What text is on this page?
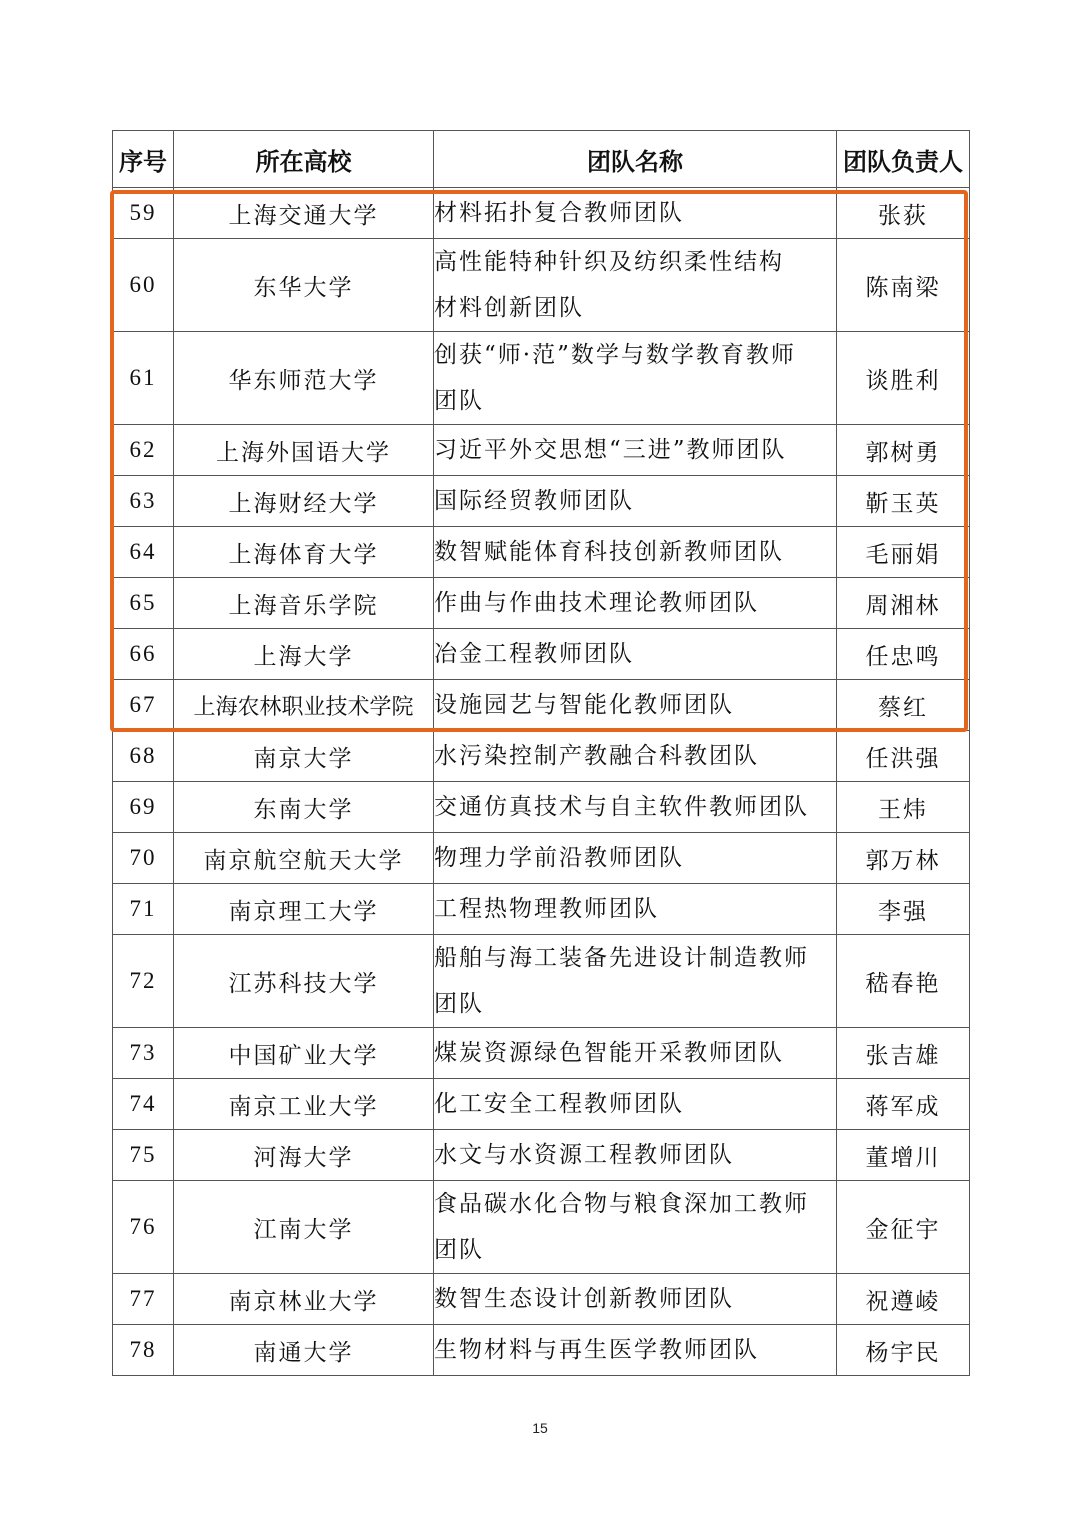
序号	所在高校	团队名称	团队负责人
59	上海交通大学	材料拓扑复合教师团队	张荻
60	东华大学	高性能特种针织及纺织柔性结构
材料创新团队	陈南梁
61	华东师范大学	创获“师·范”数学与数学教育教师
团队	谈胜利
62	上海外国语大学	习近平外交思想“三进”教师团队	郭树勇
63	上海财经大学	国际经贸教师团队	靳玉英
64	上海体育大学	数智赋能体育科技创新教师团队	毛丽娟
65	上海音乐学院	作曲与作曲技术理论教师团队	周湘林
66	上海大学	冶金工程教师团队	任忠鸣
67	上海农林职业技术学院	设施园艺与智能化教师团队	蔡红
68	南京大学	水污染控制产教融合科教团队	任洪强
69	东南大学	交通仿真技术与自主软件教师团队	王炜
70	南京航空航天大学	物理力学前沿教师团队	郭万林
71	南京理工大学	工程热物理教师团队	李强
72	江苏科技大学	船舶与海工装备先进设计制造教师
团队	嵇春艳
73	中国矿业大学	煤炭资源绿色智能开采教师团队	张吉雄
74	南京工业大学	化工安全工程教师团队	蒋军成
75	河海大学	水文与水资源工程教师团队	董增川
76	江南大学	食品碳水化合物与粮食深加工教师
团队	金征宇
77	南京林业大学	数智生态设计创新教师团队	祝遵崚
78	南通大学	生物材料与再生医学教师团队	杨宇民
15
